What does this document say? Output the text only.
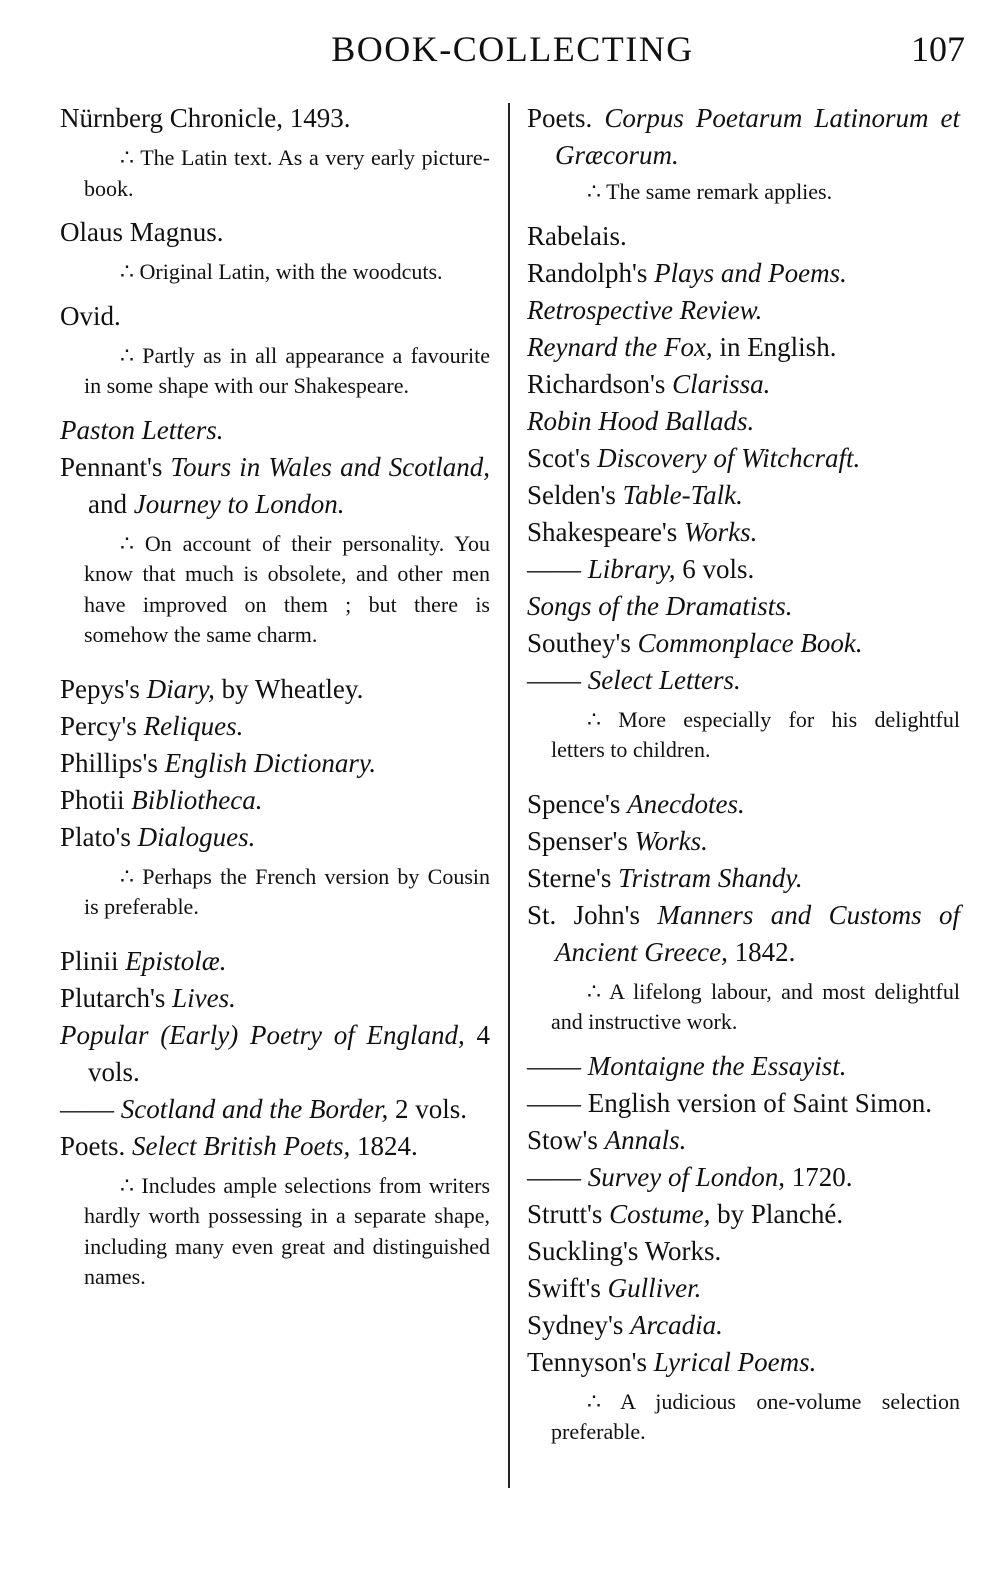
BOOK-COLLECTING	107

Nürnberg Chronicle, 1493.

∴ The Latin text. As a very early picture-book.

Olaus Magnus.

∴ Original Latin, with the woodcuts.

Ovid.

∴ Partly as in all appearance a favourite in some shape with our Shakespeare.

Paston Letters.

Pennant's Tours in Wales and Scotland, and Journey to London.

∴ On account of their personality. You know that much is obsolete, and other men have improved on them ; but there is somehow the same charm.

Pepys's Diary, by Wheatley.

Percy's Reliques.

Phillips's English Dictionary.

Photii Bibliotheca.

Plato's Dialogues.

∴ Perhaps the French version by Cousin is preferable.

Plinii Epistolæ.

Plutarch's Lives.

Popular (Early) Poetry of England, 4 vols.

—— Scotland and the Border, 2 vols.

Poets. Select British Poets, 1824.

∴ Includes ample selections from writers hardly worth possessing in a separate shape, including many even great and distinguished names.

Poets. Corpus Poetarum Latinorum et Græcorum.

∴ The same remark applies.

Rabelais.

Randolph's Plays and Poems.

Retrospective Review.

Reynard the Fox, in English.

Richardson's Clarissa.

Robin Hood Ballads.

Scot's Discovery of Witchcraft.

Selden's Table-Talk.

Shakespeare's Works.

—— Library, 6 vols.

Songs of the Dramatists.

Southey's Commonplace Book.

—— Select Letters.

∴ More especially for his delightful letters to children.

Spence's Anecdotes.

Spenser's Works.

Sterne's Tristram Shandy.

St. John's Manners and Customs of Ancient Greece, 1842.

∴ A lifelong labour, and most delightful and instructive work.

—— Montaigne the Essayist.

—— English version of Saint Simon.

Stow's Annals.

—— Survey of London, 1720.

Strutt's Costume, by Planché.

Suckling's Works.

Swift's Gulliver.

Sydney's Arcadia.

Tennyson's Lyrical Poems.

∴ A judicious one-volume selection preferable.
